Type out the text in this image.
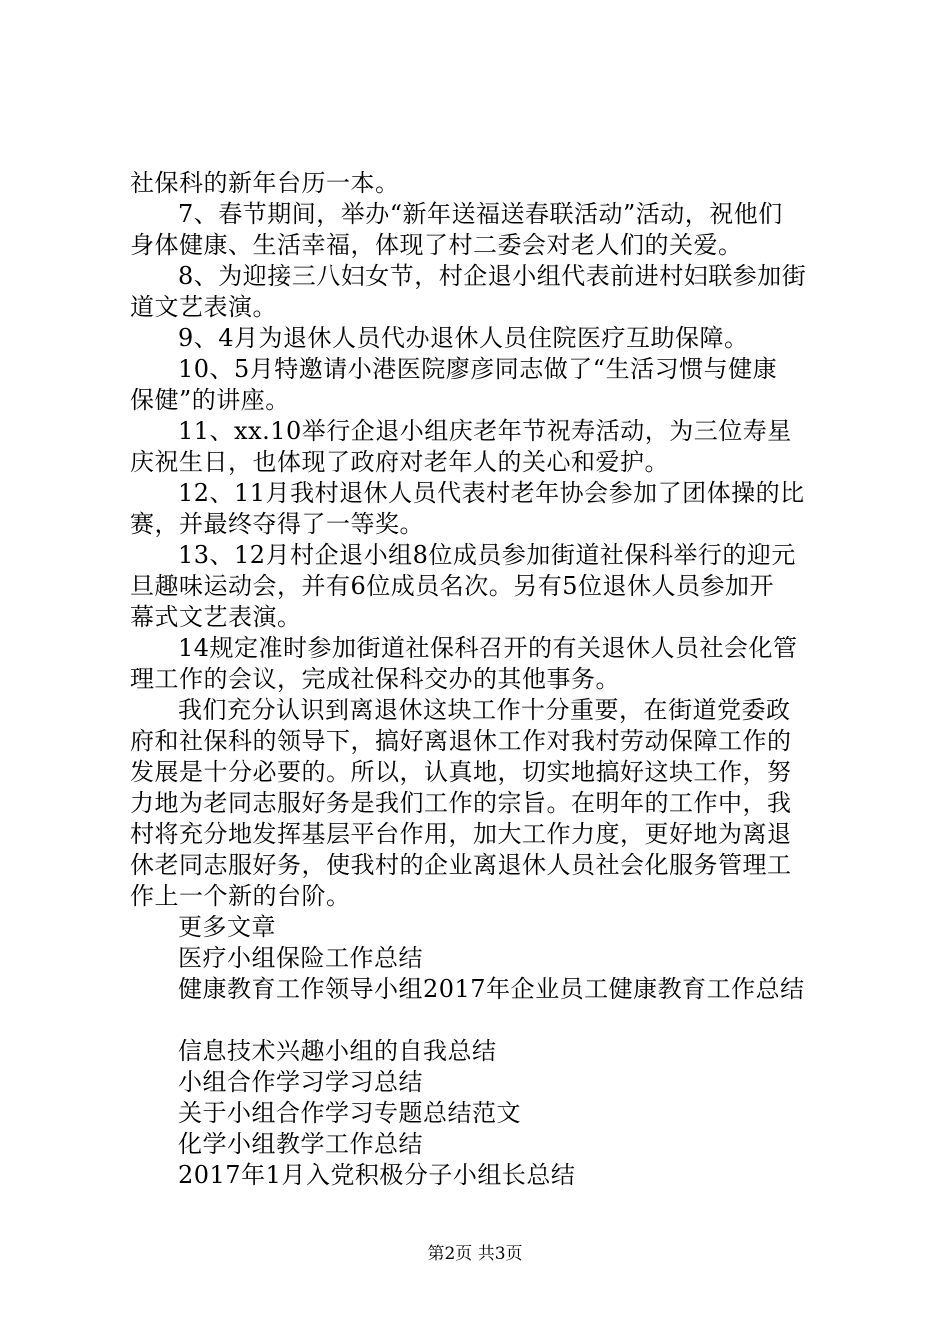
社保科的新年台历一本。
7、春节期间，举办“新年送福送春联活动”活动，祝他们
身体健康、生活幸福，体现了村二委会对老人们的关爱。
8、为迎接三八妇女节，村企退小组代表前进村妇联参加街
道文艺表演。
9、4月为退休人员代办退休人员住院医疗互助保障。
10、5月特邀请小港医院廖彦同志做了“生活习惯与健康
保健”的讲座。
11、xx.10举行企退小组庆老年节祝寿活动，为三位寿星
庆祝生日，也体现了政府对老年人的关心和爱护。
12、11月我村退休人员代表村老年协会参加了团体操的比
赛，并最终夺得了一等奖。
13、12月村企退小组8位成员参加街道社保科举行的迎元
旦趣味运动会，并有6位成员名次。另有5位退休人员参加开
幕式文艺表演。
14规定准时参加街道社保科召开的有关退休人员社会化管
理工作的会议，完成社保科交办的其他事务。
我们充分认识到离退休这块工作十分重要，在街道党委政
府和社保科的领导下，搞好离退休工作对我村劳动保障工作的
发展是十分必要的。所以，认真地，切实地搞好这块工作，努
力地为老同志服好务是我们工作的宗旨。在明年的工作中，我
村将充分地发挥基层平台作用，加大工作力度，更好地为离退
休老同志服好务，使我村的企业离退休人员社会化服务管理工
作上一个新的台阶。
更多文章
医疗小组保险工作总结
健康教育工作领导小组2017年企业员工健康教育工作总结
信息技术兴趣小组的自我总结
小组合作学习学习总结
关于小组合作学习专题总结范文
化学小组教学工作总结
2017年1月入党积极分子小组长总结
第2页 共3页
